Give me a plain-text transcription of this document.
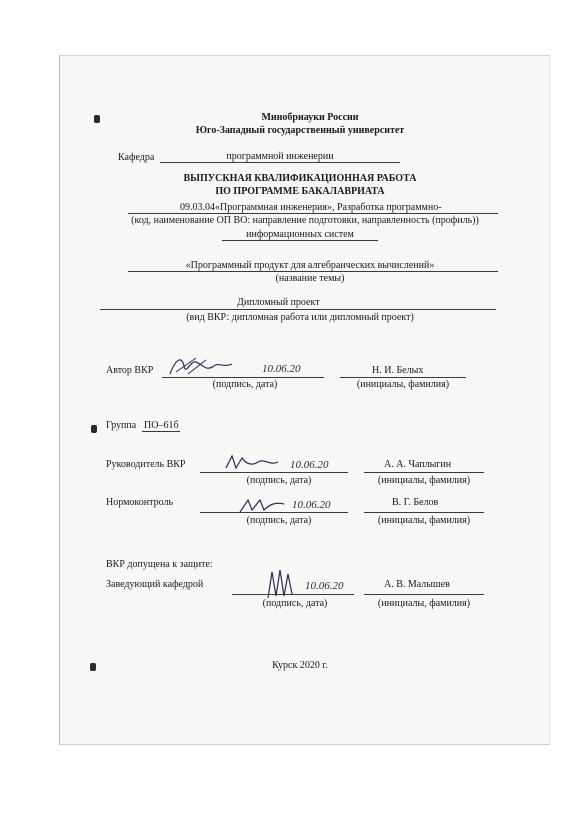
Минобрнауки России
Юго-Западный государственный университет
Кафедра	программной инженерии
ВЫПУСКНАЯ КВАЛИФИКАЦИОННАЯ РАБОТА
ПО ПРОГРАММЕ БАКАЛАВРИАТА
09.03.04«Программная инженерия», Разработка программно-
(код, наименование ОП ВО: направление подготовки, направленность (профиль))
информационных систем
«Программный продукт для алгебраических вычислений»
(название темы)
Дипломный проект
(вид ВКР: дипломная работа или дипломный проект)
Автор ВКР	10.06.20	Н. И. Белых
(подпись, дата)	(инициалы, фамилия)
Группа ПО–61б
Руководитель ВКР	10.06.20	А. А. Чаплыгин
(подпись, дата)	(инициалы, фамилия)
Нормоконтроль	10.06.20	В. Г. Белов
(подпись, дата)	(инициалы, фамилия)
ВКР допущена к защите:
Заведующий кафедрой	10.06.20	А. В. Малышев
(подпись, дата)	(инициалы, фамилия)
Курск 2020 г.
